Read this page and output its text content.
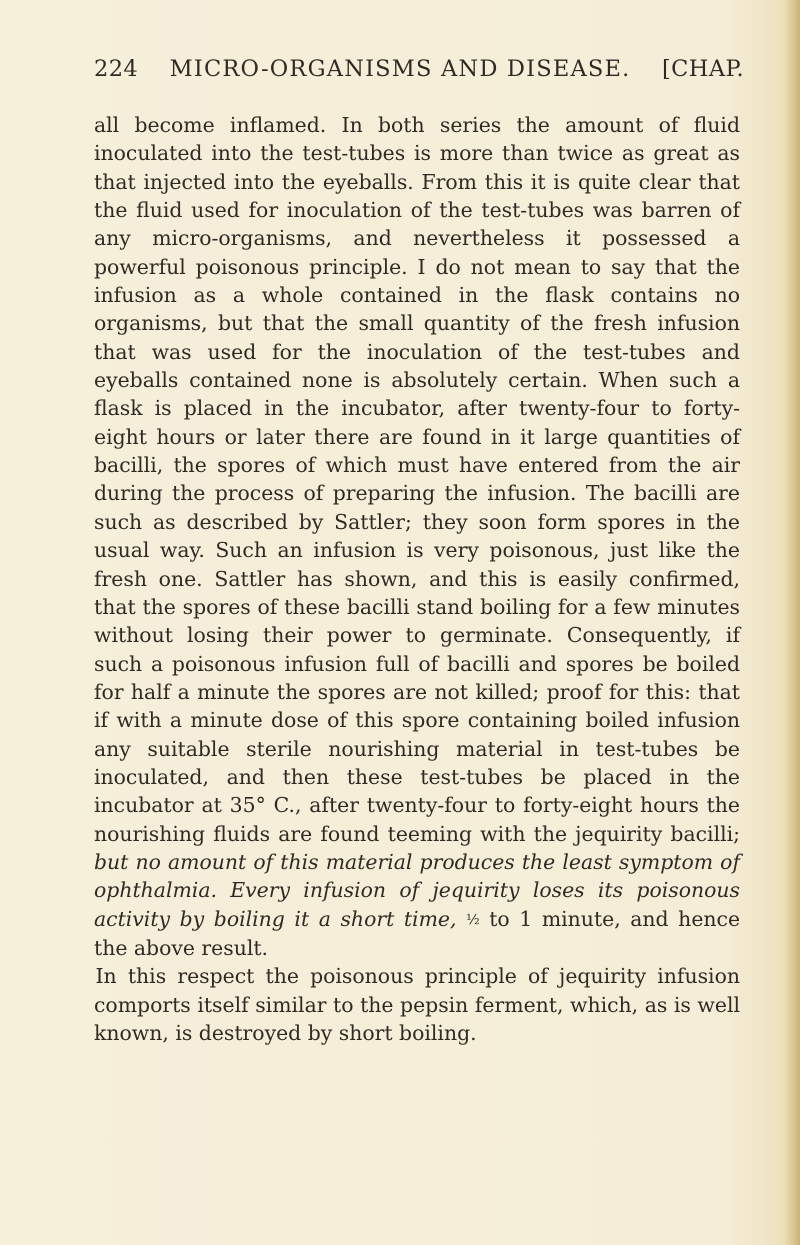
224 MICRO-ORGANISMS AND DISEASE. [CHAP.

all become inflamed. In both series the amount of fluid inoculated into the test-tubes is more than twice as great as that injected into the eyeballs. From this it is quite clear that the fluid used for inoculation of the test-tubes was barren of any micro-organisms, and nevertheless it possessed a powerful poisonous principle. I do not mean to say that the infusion as a whole contained in the flask contains no organisms, but that the small quantity of the fresh infusion that was used for the inoculation of the test-tubes and eyeballs contained none is absolutely certain. When such a flask is placed in the incubator, after twenty-four to forty-eight hours or later there are found in it large quantities of bacilli, the spores of which must have entered from the air during the process of preparing the infusion. The bacilli are such as described by Sattler; they soon form spores in the usual way. Such an infusion is very poisonous, just like the fresh one. Sattler has shown, and this is easily confirmed, that the spores of these bacilli stand boiling for a few minutes without losing their power to germinate. Consequently, if such a poisonous infusion full of bacilli and spores be boiled for half a minute the spores are not killed; proof for this: that if with a minute dose of this spore containing boiled infusion any suitable sterile nourishing material in test-tubes be inoculated, and then these test-tubes be placed in the incubator at 35° C., after twenty-four to forty-eight hours the nourishing fluids are found teeming with the jequirity bacilli; but no amount of this material produces the least symptom of ophthalmia. Every infusion of jequirity loses its poisonous activity by boiling it a short time, ½ to 1 minute, and hence the above result.

In this respect the poisonous principle of jequirity infusion comports itself similar to the pepsin ferment, which, as is well known, is destroyed by short boiling.
